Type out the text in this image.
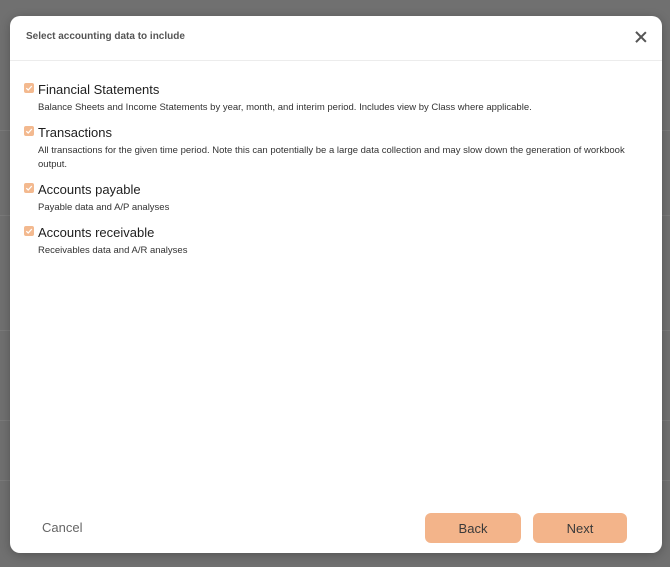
Select accounting data to include
Financial Statements
Balance Sheets and Income Statements by year, month, and interim period. Includes view by Class where applicable.
Transactions
All transactions for the given time period. Note this can potentially be a large data collection and may slow down the generation of workbook output.
Accounts payable
Payable data and A/P analyses
Accounts receivable
Receivables data and A/R analyses
Cancel	Back	Next
